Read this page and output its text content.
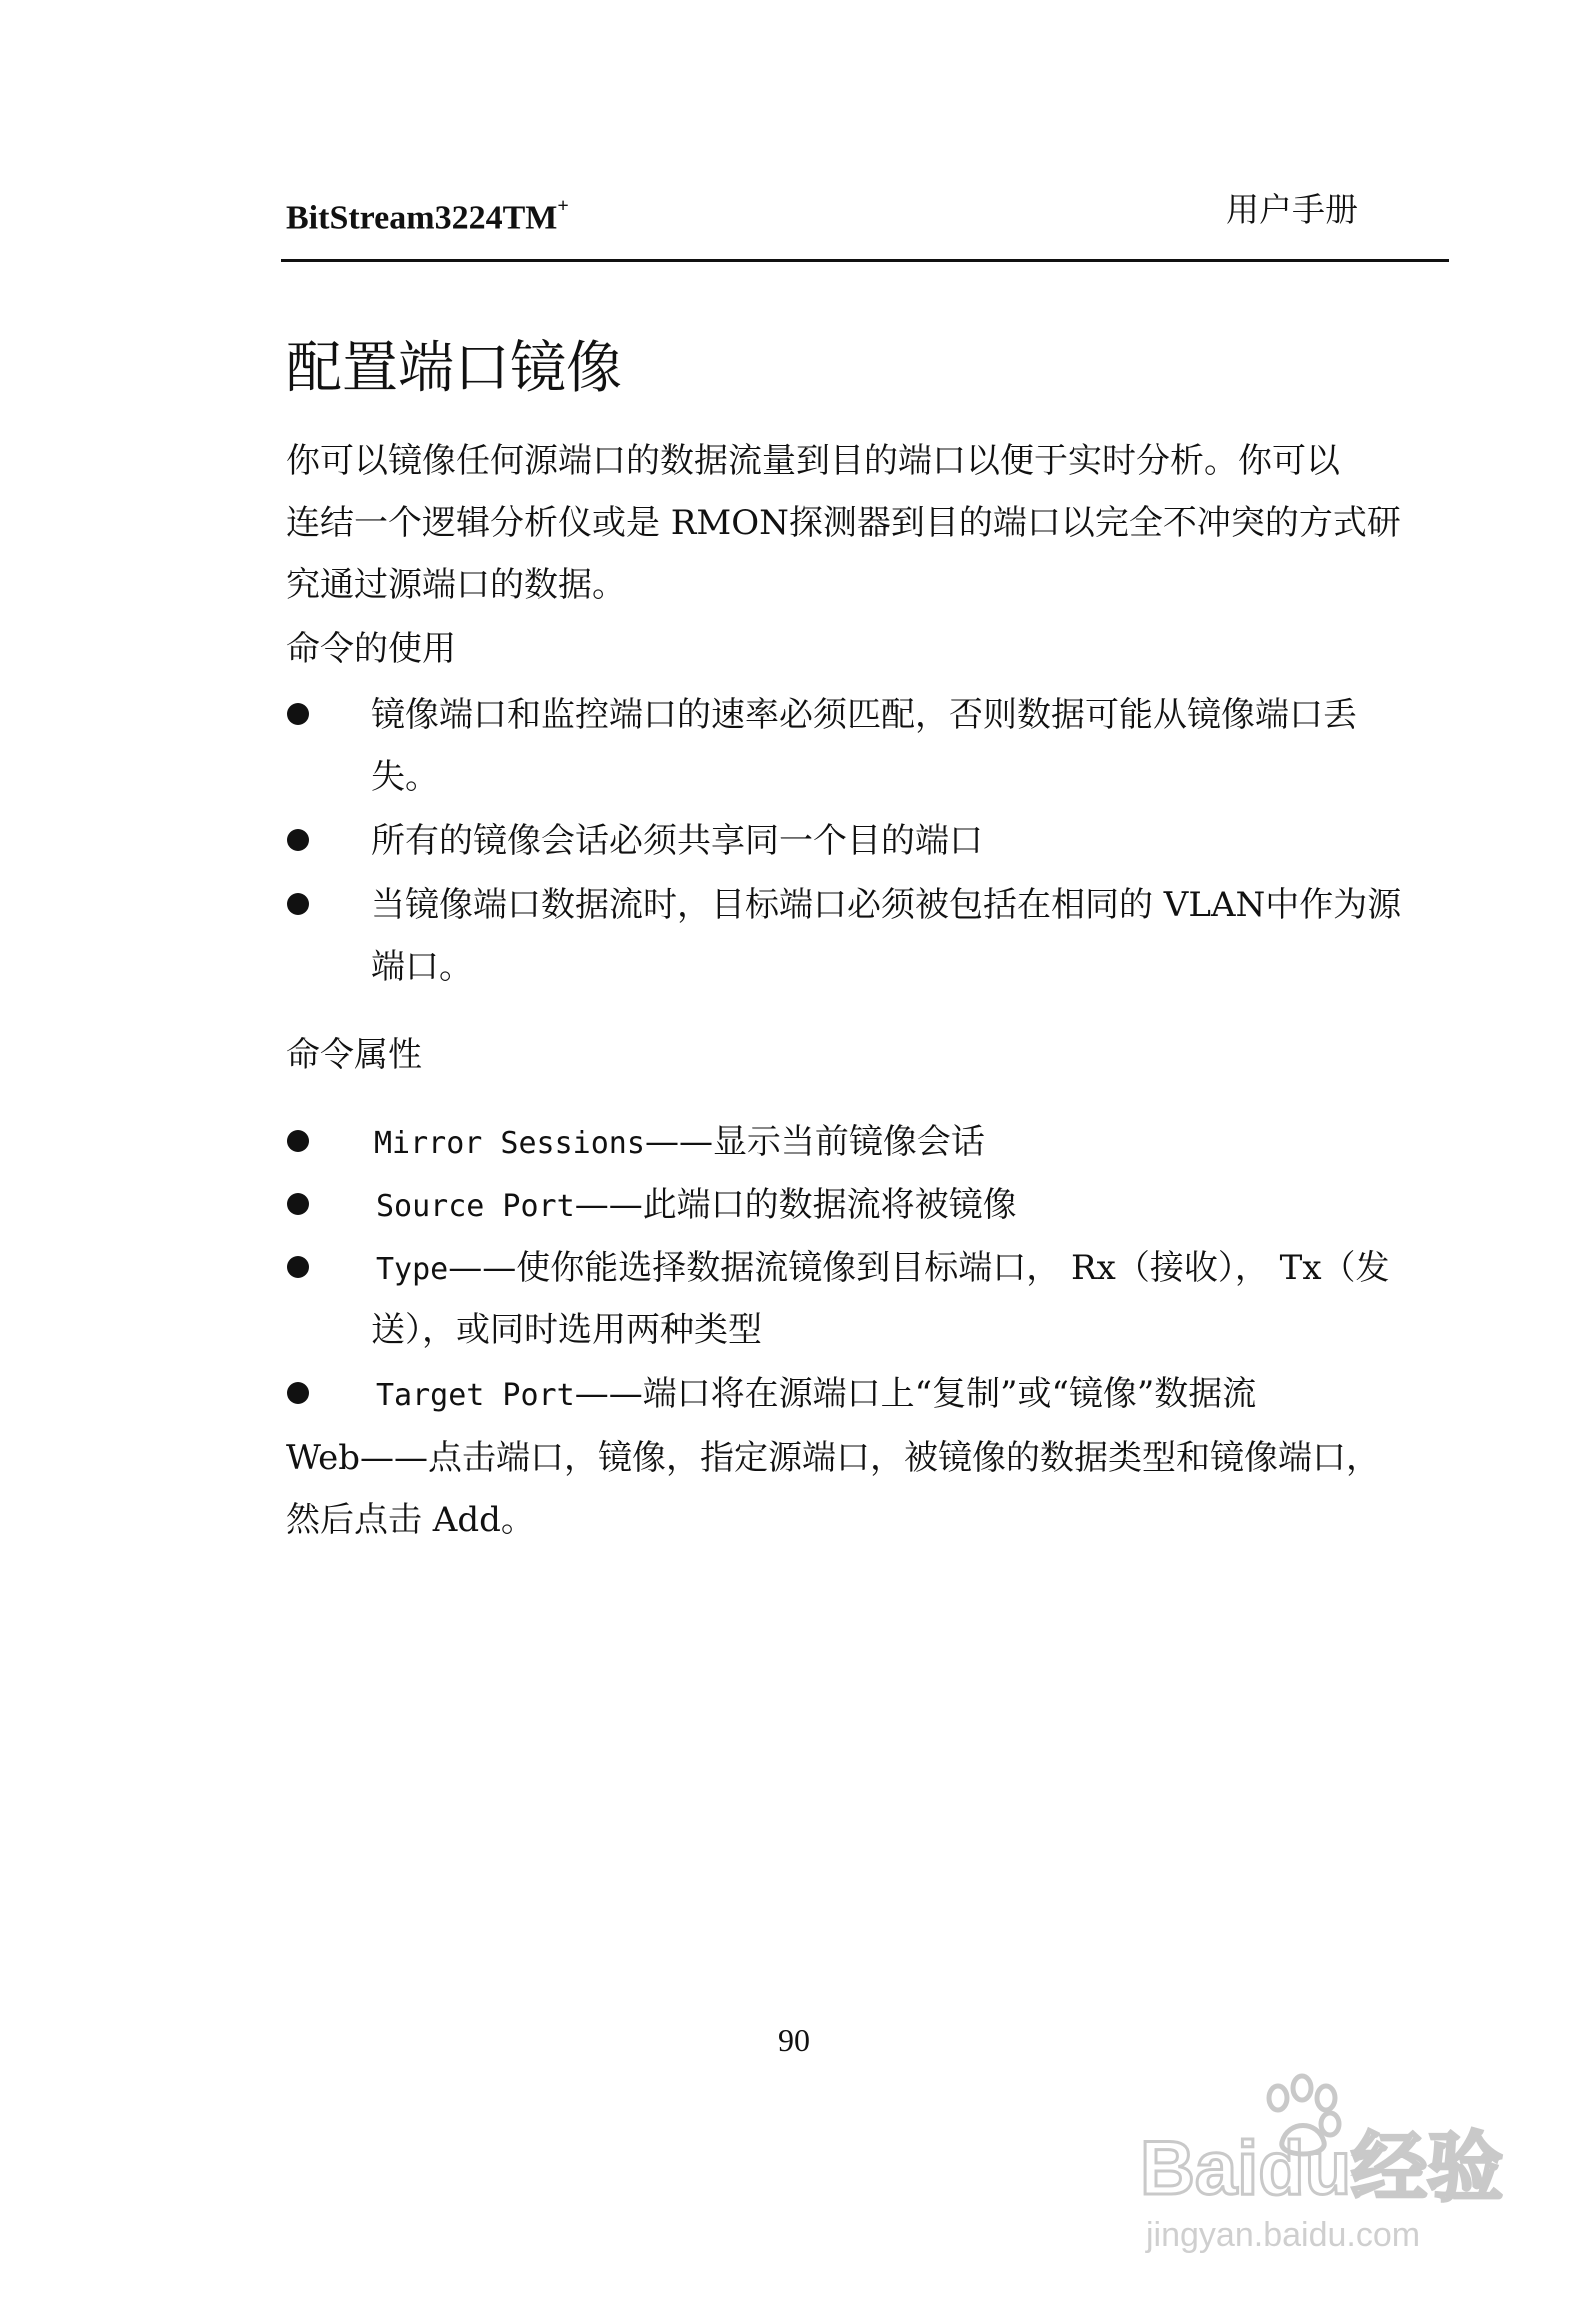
BitStream3224TM+	用户手册
配置端口镜像
你可以镜像任何源端口的数据流量到目的端口以便于实时分析。你可以
连结一个逻辑分析仪或是 RMON探测器到目的端口以完全不冲突的方式研
究通过源端口的数据。
命令的使用
镜像端口和监控端口的速率必须匹配，否则数据可能从镜像端口丢
失。
所有的镜像会话必须共享同一个目的端口
当镜像端口数据流时，目标端口必须被包括在相同的 VLAN中作为源
端口。
命令属性
Mirror Sessions——显示当前镜像会话
Source Port——此端口的数据流将被镜像
Type——使你能选择数据流镜像到目标端口， Rx（接收）， Tx（发
送），或同时选用两种类型
Target Port——端口将在源端口上“复制”或“镜像”数据流
Web——点击端口，镜像，指定源端口，被镜像的数据类型和镜像端口，
然后点击 Add。
90
Baidu经验
jingyan.baidu.com
